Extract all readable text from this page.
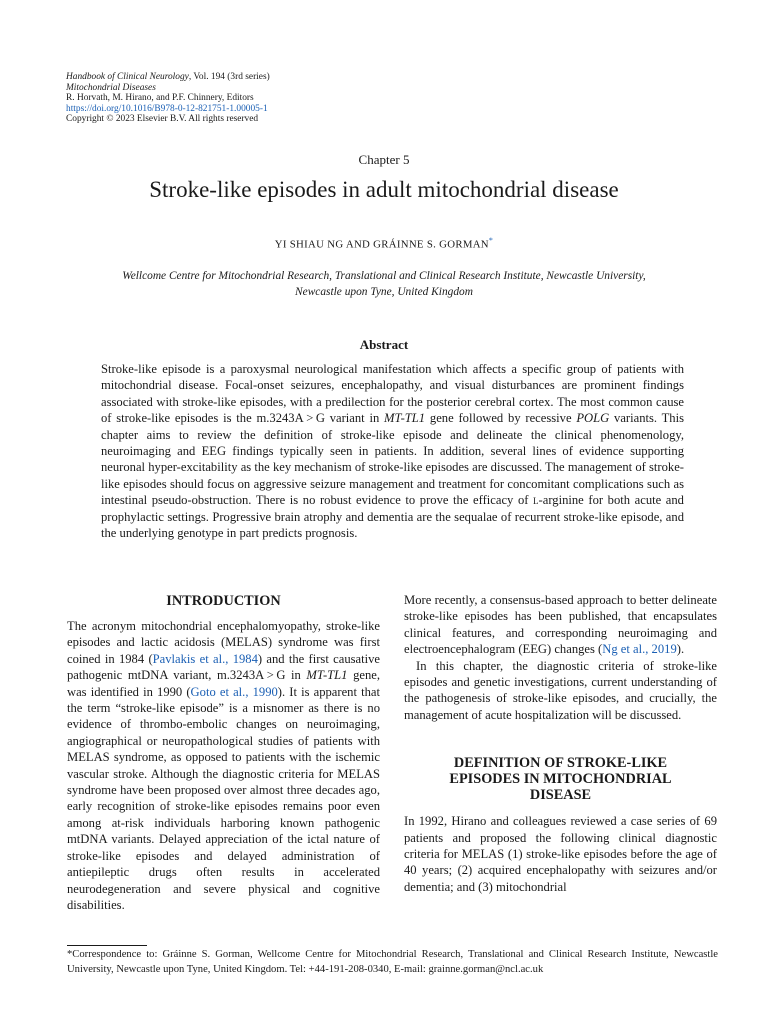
Handbook of Clinical Neurology, Vol. 194 (3rd series)
Mitochondrial Diseases
R. Horvath, M. Hirano, and P.F. Chinnery, Editors
https://doi.org/10.1016/B978-0-12-821751-1.00005-1
Copyright © 2023 Elsevier B.V. All rights reserved
Chapter 5
Stroke-like episodes in adult mitochondrial disease
YI SHIAU NG AND GRÁINNE S. GORMAN*
Wellcome Centre for Mitochondrial Research, Translational and Clinical Research Institute, Newcastle University,
Newcastle upon Tyne, United Kingdom
Abstract

Stroke-like episode is a paroxysmal neurological manifestation which affects a specific group of patients with mitochondrial disease. Focal-onset seizures, encephalopathy, and visual disturbances are prominent findings associated with stroke-like episodes, with a predilection for the posterior cerebral cortex. The most common cause of stroke-like episodes is the m.3243A > G variant in MT-TL1 gene followed by recessive POLG variants. This chapter aims to review the definition of stroke-like episode and delineate the clinical phenomenology, neuroimaging and EEG findings typically seen in patients. In addition, several lines of evidence supporting neuronal hyper-excitability as the key mechanism of stroke-like episodes are discussed. The management of stroke-like episodes should focus on aggressive seizure management and treatment for concomitant complications such as intestinal pseudo-obstruction. There is no robust evidence to prove the efficacy of l-arginine for both acute and prophylactic settings. Progressive brain atrophy and dementia are the sequalae of recurrent stroke-like episode, and the underlying genotype in part predicts prognosis.

INTRODUCTION

The acronym mitochondrial encephalomyopathy, stroke-like episodes and lactic acidosis (MELAS) syndrome was first coined in 1984 (Pavlakis et al., 1984) and the first causative pathogenic mtDNA variant, m.3243A > G in MT-TL1 gene, was identified in 1990 (Goto et al., 1990). It is apparent that the term “stroke-like episode” is a misnomer as there is no evidence of thrombo-embolic changes on neuroimaging, angiographical or neuropathological studies of patients with MELAS syndrome, as opposed to patients with the ischemic vascular stroke. Although the diagnostic criteria for MELAS syndrome have been proposed over almost three decades ago, early recognition of stroke-like episodes remains poor even among at-risk individuals harboring known pathogenic mtDNA variants. Delayed appreciation of the ictal nature of stroke-like episodes and delayed administration of antiepileptic drugs often results in accelerated neurodegeneration and severe physical and cognitive disabilities.

More recently, a consensus-based approach to better delineate stroke-like episodes has been published, that encapsulates clinical features, and corresponding neuroimaging and electroencephalogram (EEG) changes (Ng et al., 2019).

In this chapter, the diagnostic criteria of stroke-like episodes and genetic investigations, current understanding of the pathogenesis of stroke-like episodes, and crucially, the management of acute hospitalization will be discussed.

DEFINITION OF STROKE-LIKE
EPISODES IN MITOCHONDRIAL
DISEASE

In 1992, Hirano and colleagues reviewed a case series of 69 patients and proposed the following clinical diagnostic criteria for MELAS (1) stroke-like episodes before the age of 40 years; (2) acquired encephalopathy with seizures and/or dementia; and (3) mitochondrial

*Correspondence to: Gráinne S. Gorman, Wellcome Centre for Mitochondrial Research, Translational and Clinical Research Institute, Newcastle University, Newcastle upon Tyne, United Kingdom. Tel: +44-191-208-0340, E-mail: grainne.gorman@ncl.ac.uk
